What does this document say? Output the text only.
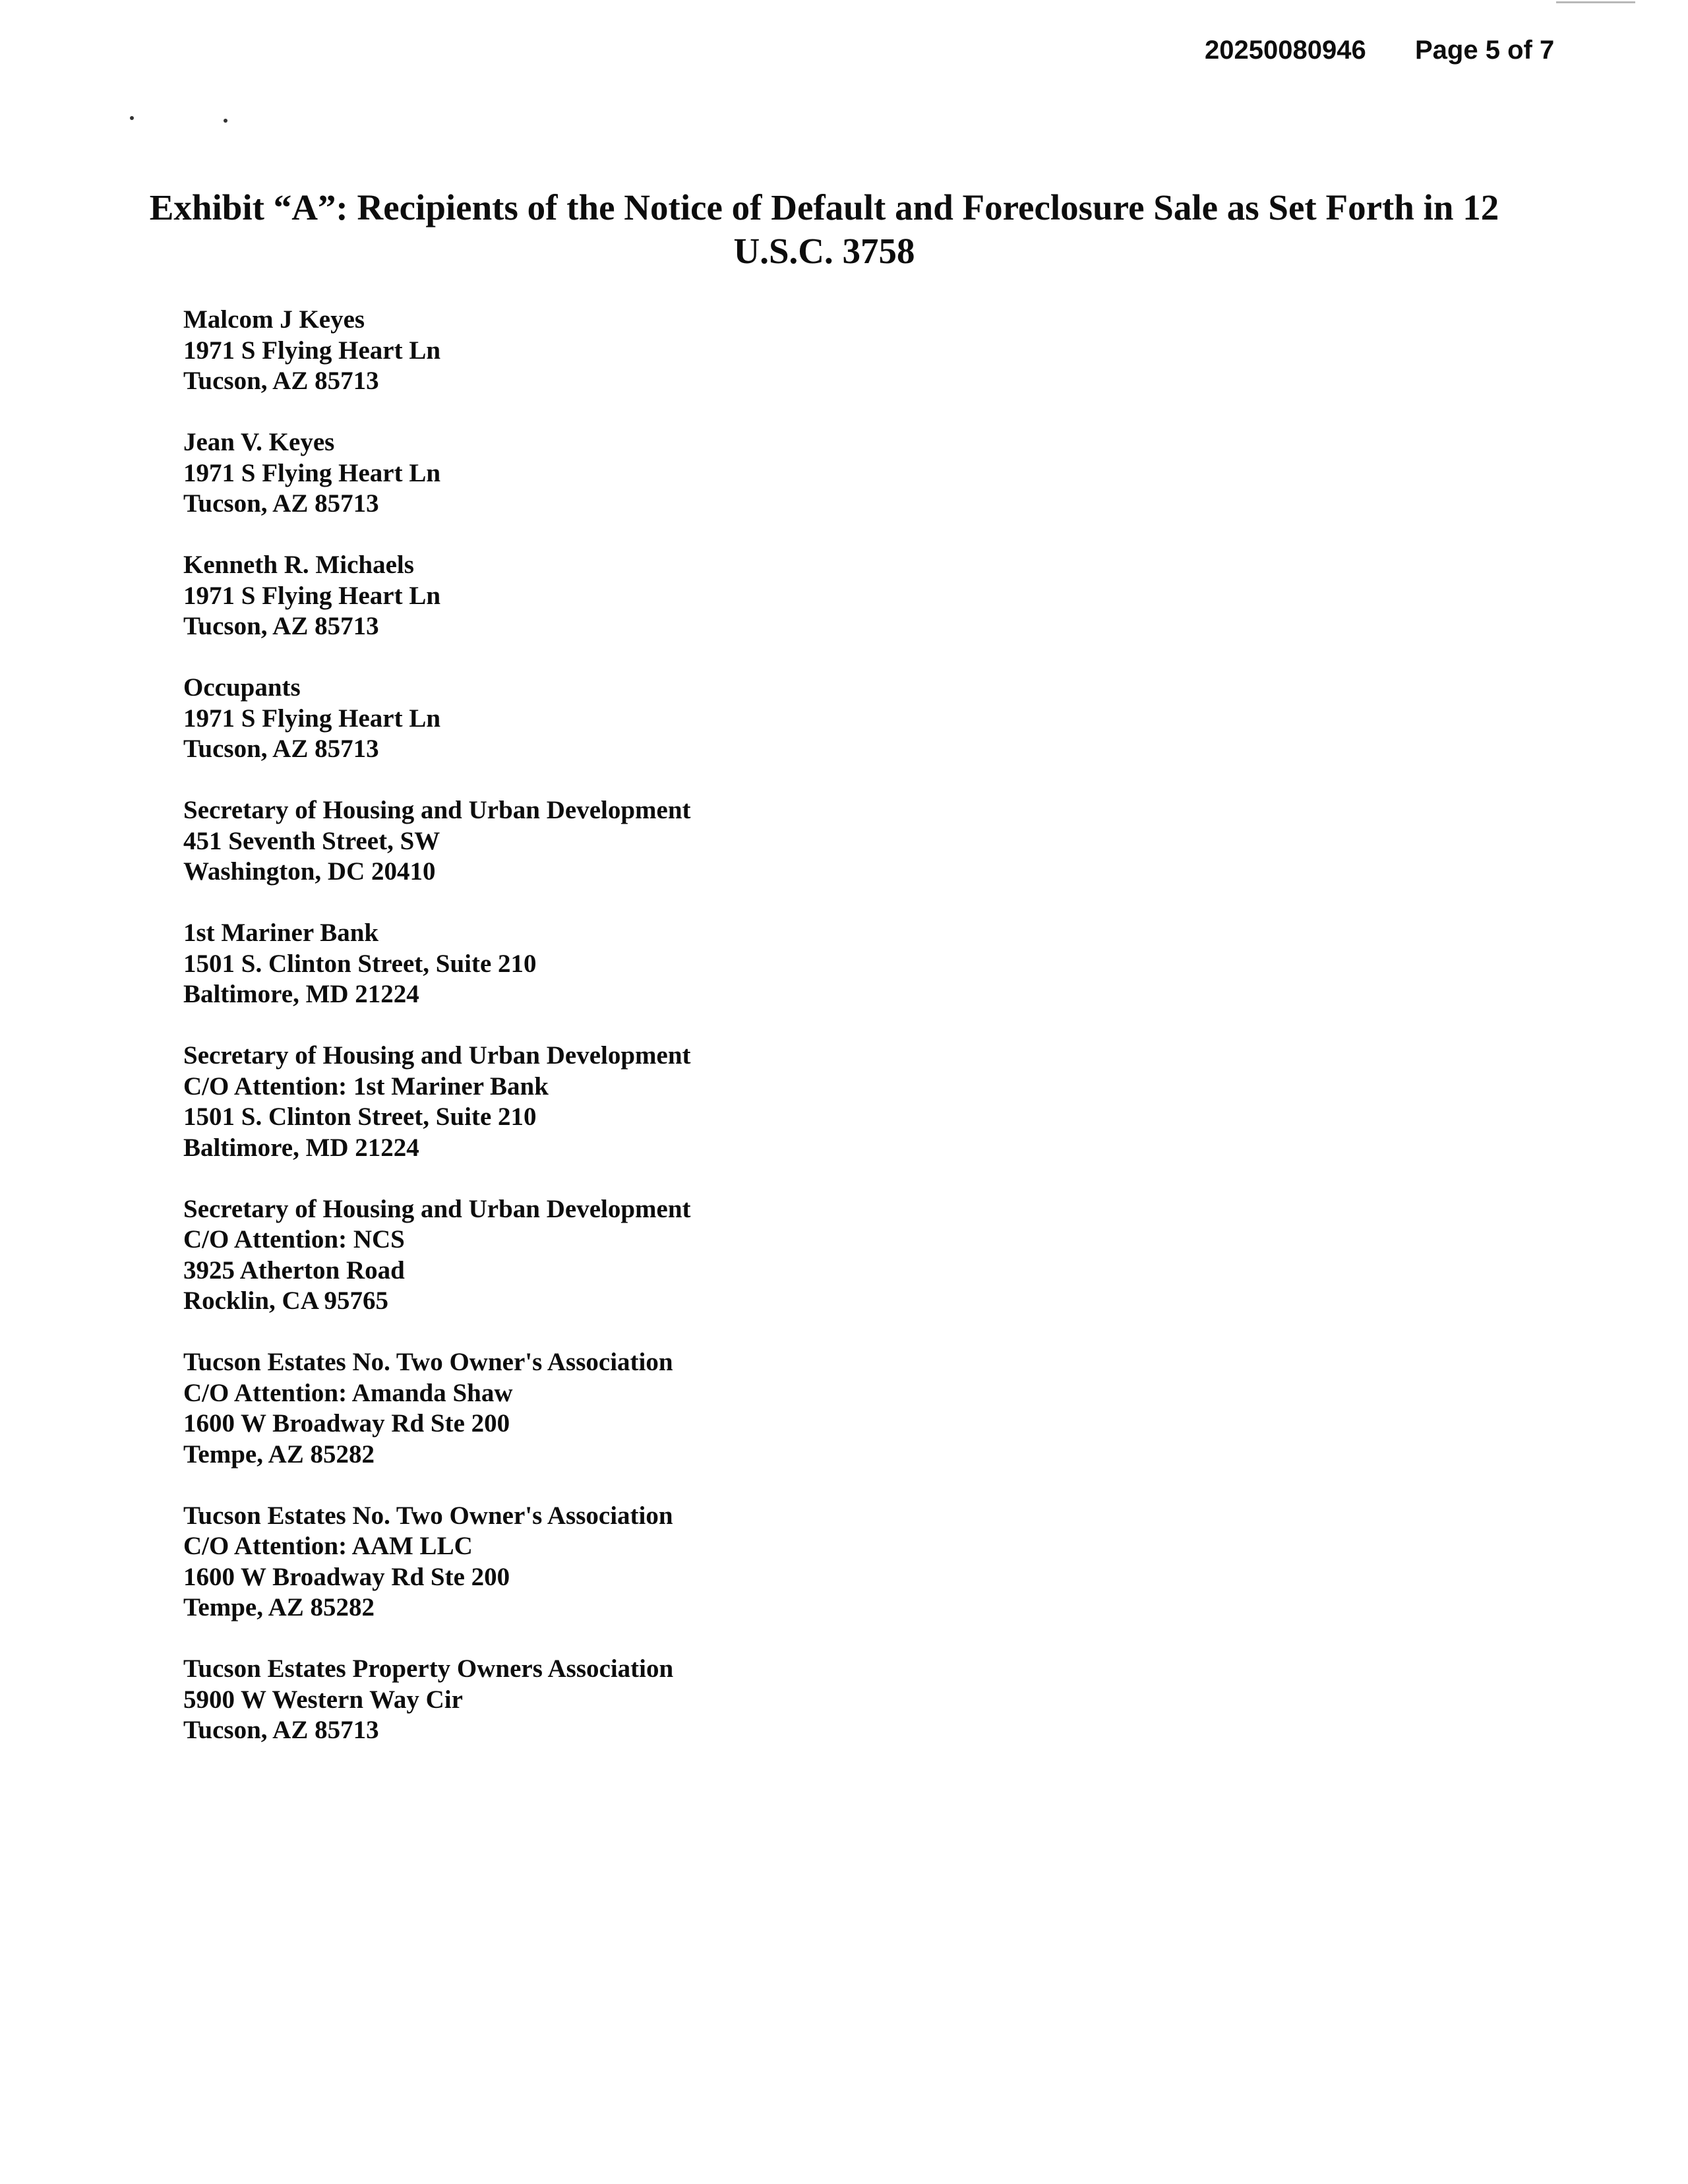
20250080946 Page 5 of 7
Exhibit “A”: Recipients of the Notice of Default and Foreclosure Sale as Set Forth in 12 U.S.C. 3758
Malcom J Keyes
1971 S Flying Heart Ln
Tucson, AZ 85713
Jean V. Keyes
1971 S Flying Heart Ln
Tucson, AZ 85713
Kenneth R. Michaels
1971 S Flying Heart Ln
Tucson, AZ 85713
Occupants
1971 S Flying Heart Ln
Tucson, AZ 85713
Secretary of Housing and Urban Development
451 Seventh Street, SW
Washington, DC 20410
1st Mariner Bank
1501 S. Clinton Street, Suite 210
Baltimore, MD 21224
Secretary of Housing and Urban Development
C/O Attention: 1st Mariner Bank
1501 S. Clinton Street, Suite 210
Baltimore, MD 21224
Secretary of Housing and Urban Development
C/O Attention: NCS
3925 Atherton Road
Rocklin, CA 95765
Tucson Estates No. Two Owner's Association
C/O Attention: Amanda Shaw
1600 W Broadway Rd Ste 200
Tempe, AZ 85282
Tucson Estates No. Two Owner's Association
C/O Attention: AAM LLC
1600 W Broadway Rd Ste 200
Tempe, AZ 85282
Tucson Estates Property Owners Association
5900 W Western Way Cir
Tucson, AZ 85713
